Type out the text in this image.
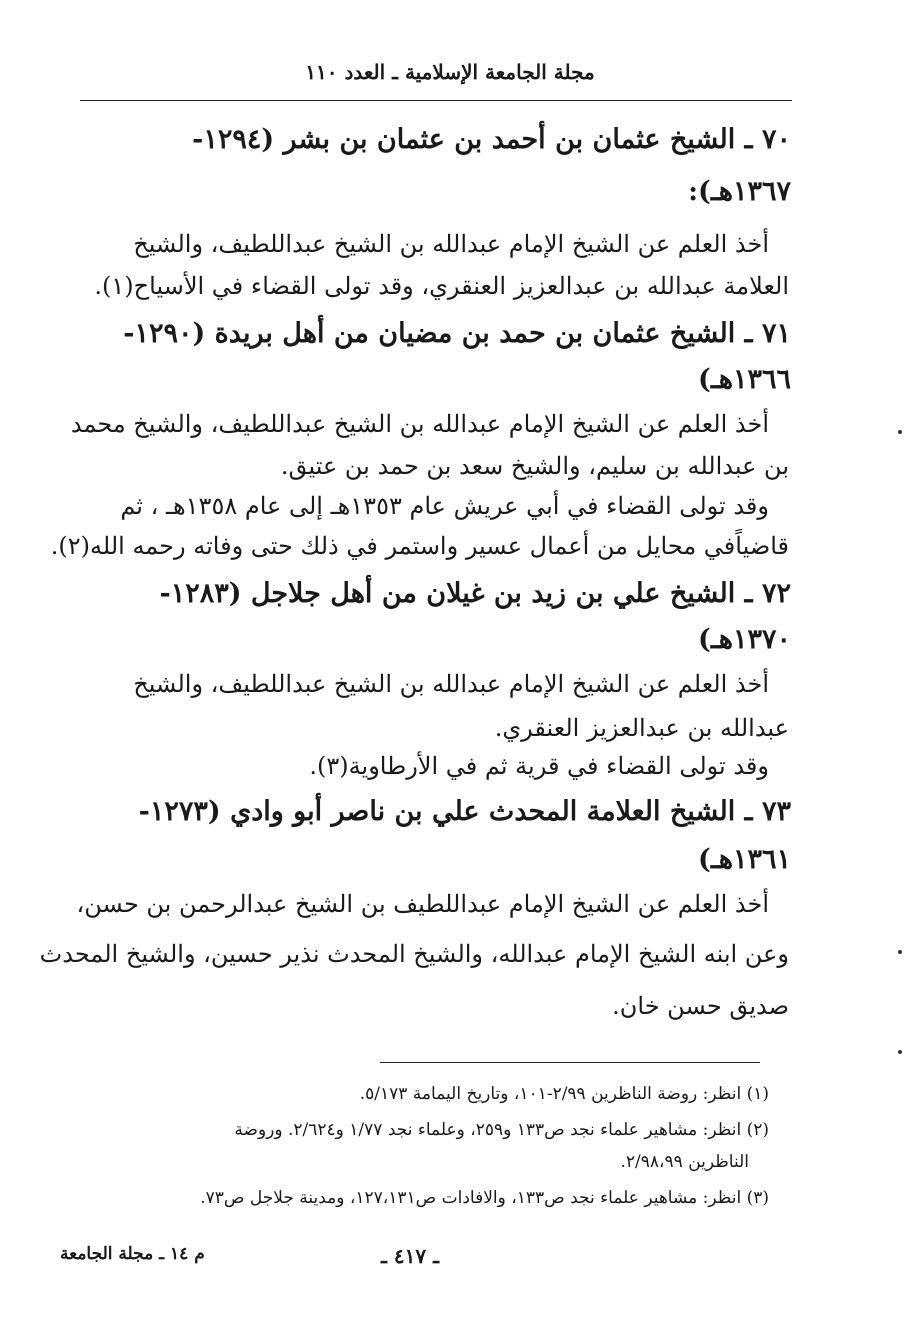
مجلة الجامعة الإسلامية ـ العدد ١١٠
٧٠ ـ الشيخ عثمان بن أحمد بن عثمان بن بشر (١٢٩٤-
١٣٦٧هـ):
أخذ العلم عن الشيخ الإمام عبدالله بن الشيخ عبداللطيف، والشيخ
العلامة عبدالله بن عبدالعزيز العنقري، وقد تولى القضاء في الأسياح(١).
٧١ ـ الشيخ عثمان بن حمد بن مضيان من أهل بريدة (١٢٩٠-
١٣٦٦هـ)
أخذ العلم عن الشيخ الإمام عبدالله بن الشيخ عبداللطيف، والشيخ محمد
بن عبدالله بن سليم، والشيخ سعد بن حمد بن عتيق.
وقد تولى القضاء في أبي عريش عام ١٣٥٣هـ إلى عام ١٣٥٨هـ ، ثم
قاضياًفي محايل من أعمال عسير واستمر في ذلك حتى وفاته رحمه الله(٢).
٧٢ ـ الشيخ علي بن زيد بن غيلان من أهل جلاجل (١٢٨٣-
١٣٧٠هـ)
أخذ العلم عن الشيخ الإمام عبدالله بن الشيخ عبداللطيف، والشيخ
عبدالله بن عبدالعزيز العنقري.
وقد تولى القضاء في قرية ثم في الأرطاوية(٣).
٧٣ ـ الشيخ العلامة المحدث علي بن ناصر أبو وادي (١٢٧٣-
١٣٦١هـ)
أخذ العلم عن الشيخ الإمام عبداللطيف بن الشيخ عبدالرحمن بن حسن،
وعن ابنه الشيخ الإمام عبدالله، والشيخ المحدث نذير حسين، والشيخ المحدث
صديق حسن خان.
(١) انظر: روضة الناظرين ٢/٩٩-١٠١، وتاريخ اليمامة ٥/١٧٣.
(٢) انظر: مشاهير علماء نجد ص١٣٣ و٢٥٩، وعلماء نجد ١/٧٧ و٢/٦٢٤. وروضة
الناظرين ٢/٩٨،٩٩.
(٣) انظر: مشاهير علماء نجد ص١٣٣، والافادات ص١٢٧،١٣١، ومدينة جلاجل ص٧٣.
ـ ٤١٧ ـ
م ١٤ ـ مجلة الجامعة
